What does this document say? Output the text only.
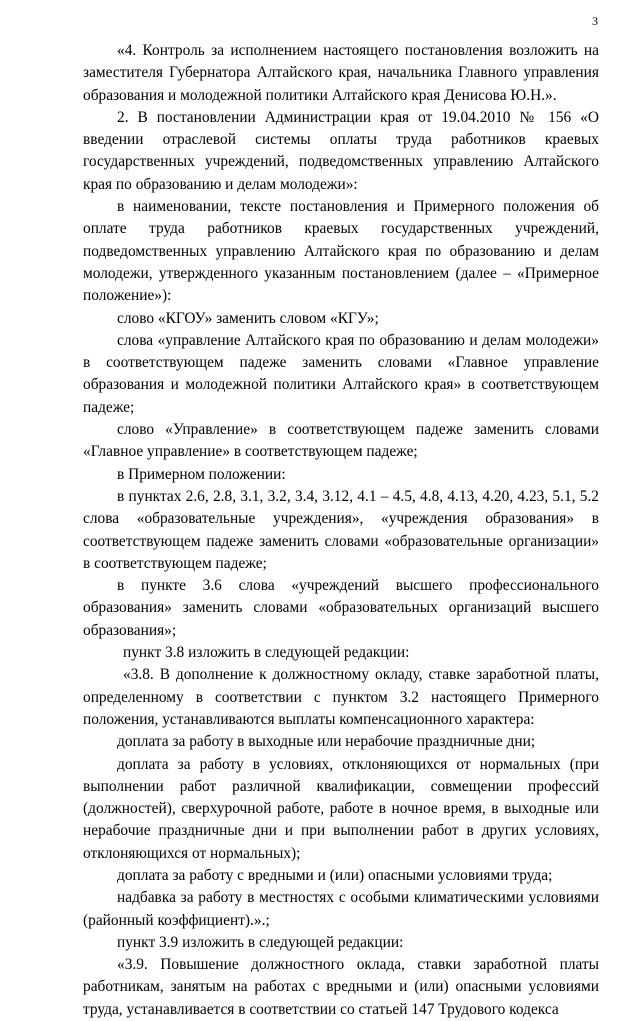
3

«4. Контроль за исполнением настоящего постановления возложить на заместителя Губернатора Алтайского края, начальника Главного управления образования и молодежной политики Алтайского края Денисова Ю.Н.».

2. В постановлении Администрации края от 19.04.2010 № 156 «О введении отраслевой системы оплаты труда работников краевых государственных учреждений, подведомственных управлению Алтайского края по образованию и делам молодежи»:

в наименовании, тексте постановления и Примерного положения об оплате труда работников краевых государственных учреждений, подведомственных управлению Алтайского края по образованию и делам молодежи, утвержденного указанным постановлением (далее – «Примерное положение»):

слово «КГОУ» заменить словом «КГУ»;

слова «управление Алтайского края по образованию и делам молодежи» в соответствующем падеже заменить словами «Главное управление образования и молодежной политики Алтайского края» в соответствующем падеже;

слово «Управление» в соответствующем падеже заменить словами «Главное управление» в соответствующем падеже;

в Примерном положении:

в пунктах 2.6, 2.8, 3.1, 3.2, 3.4, 3.12, 4.1 – 4.5, 4.8, 4.13, 4.20, 4.23, 5.1, 5.2 слова «образовательные учреждения», «учреждения образования» в соответствующем падеже заменить словами «образовательные организации» в соответствующем падеже;

в пункте 3.6 слова «учреждений высшего профессионального образования» заменить словами «образовательных организаций высшего образования»;

пункт 3.8 изложить в следующей редакции:

«3.8. В дополнение к должностному окладу, ставке заработной платы, определенному в соответствии с пунктом 3.2 настоящего Примерного положения, устанавливаются выплаты компенсационного характера:

доплата за работу в выходные или нерабочие праздничные дни;

доплата за работу в условиях, отклоняющихся от нормальных (при выполнении работ различной квалификации, совмещении профессий (должностей), сверхурочной работе, работе в ночное время, в выходные или нерабочие праздничные дни и при выполнении работ в других условиях, отклоняющихся от нормальных);

доплата за работу с вредными и (или) опасными условиями труда;

надбавка за работу в местностях с особыми климатическими условиями (районный коэффициент).».;

пункт 3.9 изложить в следующей редакции:

«3.9. Повышение должностного оклада, ставки заработной платы работникам, занятым на работах с вредными и (или) опасными условиями труда, устанавливается в соответствии со статьей 147 Трудового кодекса
